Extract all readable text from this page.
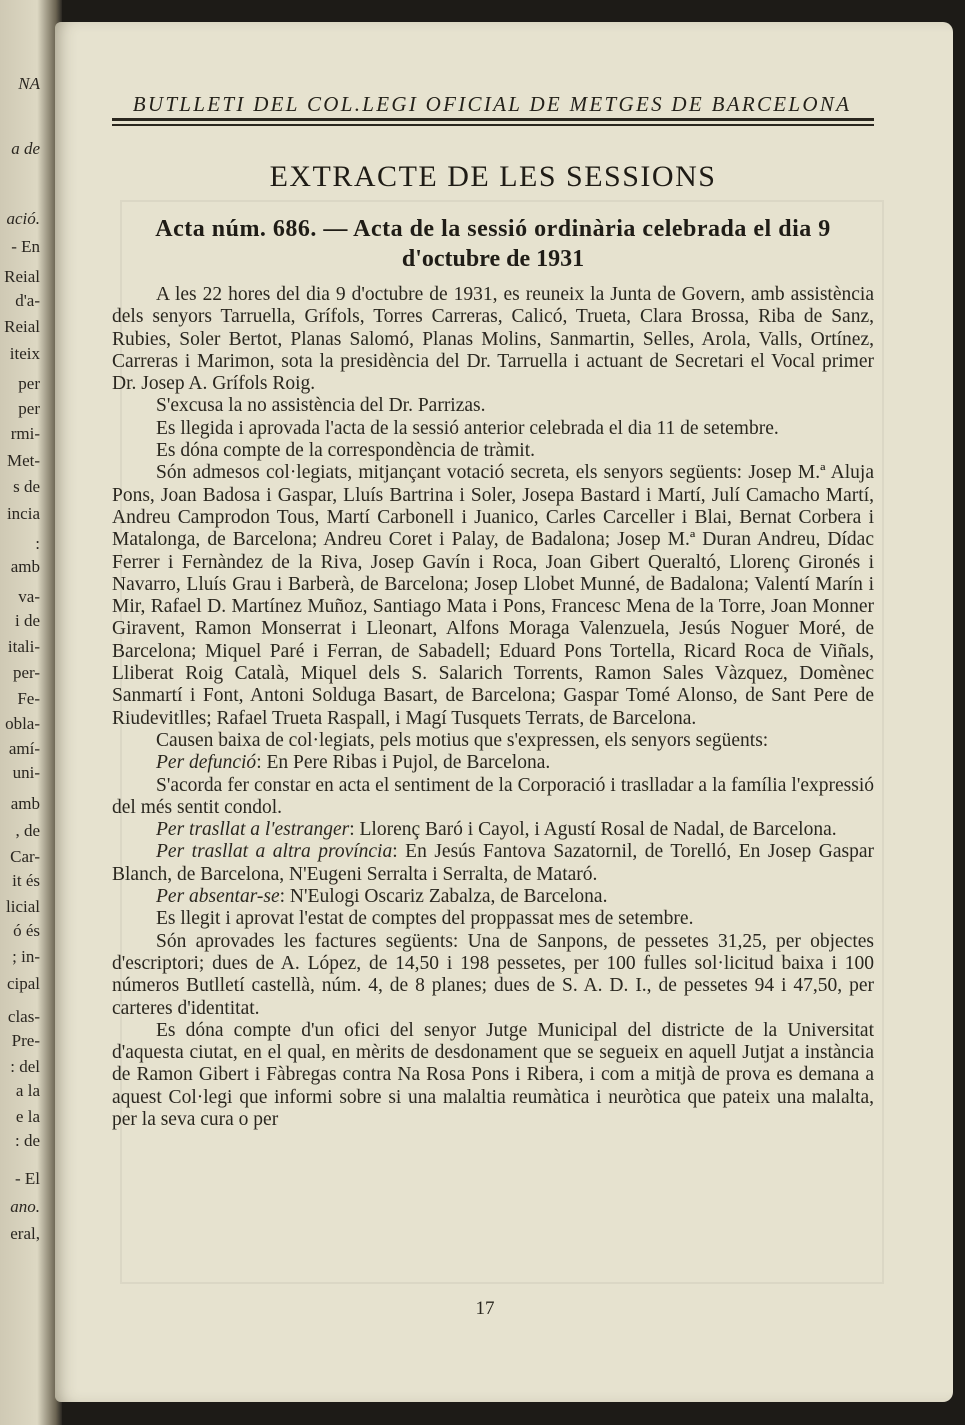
NA
a de
ació.
- En
Reial
d'a-
Reial
iteix
per
per
rmi-
Met-
s de
incia
:
amb
va-
i de
itali-
per-
Fe-
obla-
amí-
uni-
amb
, de
Car-
it és
licial
ó és
; in-
cipal
clas-
Pre-
: del
a la
e la
: de
- El
ano.
eral,
BUTLLETI DEL COL.LEGI OFICIAL DE METGES DE BARCELONA
EXTRACTE DE LES SESSIONS
Acta núm. 686. — Acta de la sessió ordinària celebrada el dia 9
d'octubre de 1931

A les 22 hores del dia 9 d'octubre de 1931, es reuneix la Junta de Govern, amb assistència dels senyors Tarruella, Grífols, Torres Carreras, Calicó, Trueta, Clara Brossa, Riba de Sanz, Rubies, Soler Bertot, Planas Salomó, Planas Molins, Sanmartin, Selles, Arola, Valls, Ortínez, Carreras i Marimon, sota la presidència del Dr. Tarruella i actuant de Secretari el Vocal primer Dr. Josep A. Grífols Roig.

S'excusa la no assistència del Dr. Parrizas.

Es llegida i aprovada l'acta de la sessió anterior celebrada el dia 11 de setembre.

Es dóna compte de la correspondència de tràmit.

Són admesos col·legiats, mitjançant votació secreta, els senyors següents: Josep M.ª Aluja Pons, Joan Badosa i Gaspar, Lluís Bartrina i Soler, Josepa Bastard i Martí, Julí Camacho Martí, Andreu Camprodon Tous, Martí Carbonell i Juanico, Carles Carceller i Blai, Bernat Corbera i Matalonga, de Barcelona; Andreu Coret i Palay, de Badalona; Josep M.ª Duran Andreu, Dídac Ferrer i Fernàndez de la Riva, Josep Gavín i Roca, Joan Gibert Queraltó, Llorenç Gironés i Navarro, Lluís Grau i Barberà, de Barcelona; Josep Llobet Munné, de Badalona; Valentí Marín i Mir, Rafael D. Martínez Muñoz, Santiago Mata i Pons, Francesc Mena de la Torre, Joan Monner Giravent, Ramon Monserrat i Lleonart, Alfons Moraga Valenzuela, Jesús Noguer Moré, de Barcelona; Miquel Paré i Ferran, de Sabadell; Eduard Pons Tortella, Ricard Roca de Viñals, Lliberat Roig Català, Miquel dels S. Salarich Torrents, Ramon Sales Vàzquez, Domènec Sanmartí i Font, Antoni Solduga Basart, de Barcelona; Gaspar Tomé Alonso, de Sant Pere de Riudevitlles; Rafael Trueta Raspall, i Magí Tusquets Terrats, de Barcelona.

Causen baixa de col·legiats, pels motius que s'expressen, els senyors següents:

Per defunció: En Pere Ribas i Pujol, de Barcelona.

S'acorda fer constar en acta el sentiment de la Corporació i traslladar a la família l'expressió del més sentit condol.

Per trasllat a l'estranger: Llorenç Baró i Cayol, i Agustí Rosal de Nadal, de Barcelona.

Per trasllat a altra província: En Jesús Fantova Sazatornil, de Torelló, En Josep Gaspar Blanch, de Barcelona, N'Eugeni Serralta i Serralta, de Mataró.

Per absentar-se: N'Eulogi Oscariz Zabalza, de Barcelona.

Es llegit i aprovat l'estat de comptes del proppassat mes de setembre.

Són aprovades les factures següents: Una de Sanpons, de pessetes 31,25, per objectes d'escriptori; dues de A. López, de 14,50 i 198 pessetes, per 100 fulles sol·licitud baixa i 100 números Butlletí castellà, núm. 4, de 8 planes; dues de S. A. D. I., de pessetes 94 i 47,50, per carteres d'identitat.

Es dóna compte d'un ofici del senyor Jutge Municipal del districte de la Universitat d'aquesta ciutat, en el qual, en mèrits de desdonament que se segueix en aquell Jutjat a instància de Ramon Gibert i Fàbregas contra Na Rosa Pons i Ribera, i com a mitjà de prova es demana a aquest Col·legi que informi sobre si una malaltia reumàtica i neuròtica que pateix una malalta, per la seva cura o per

17
